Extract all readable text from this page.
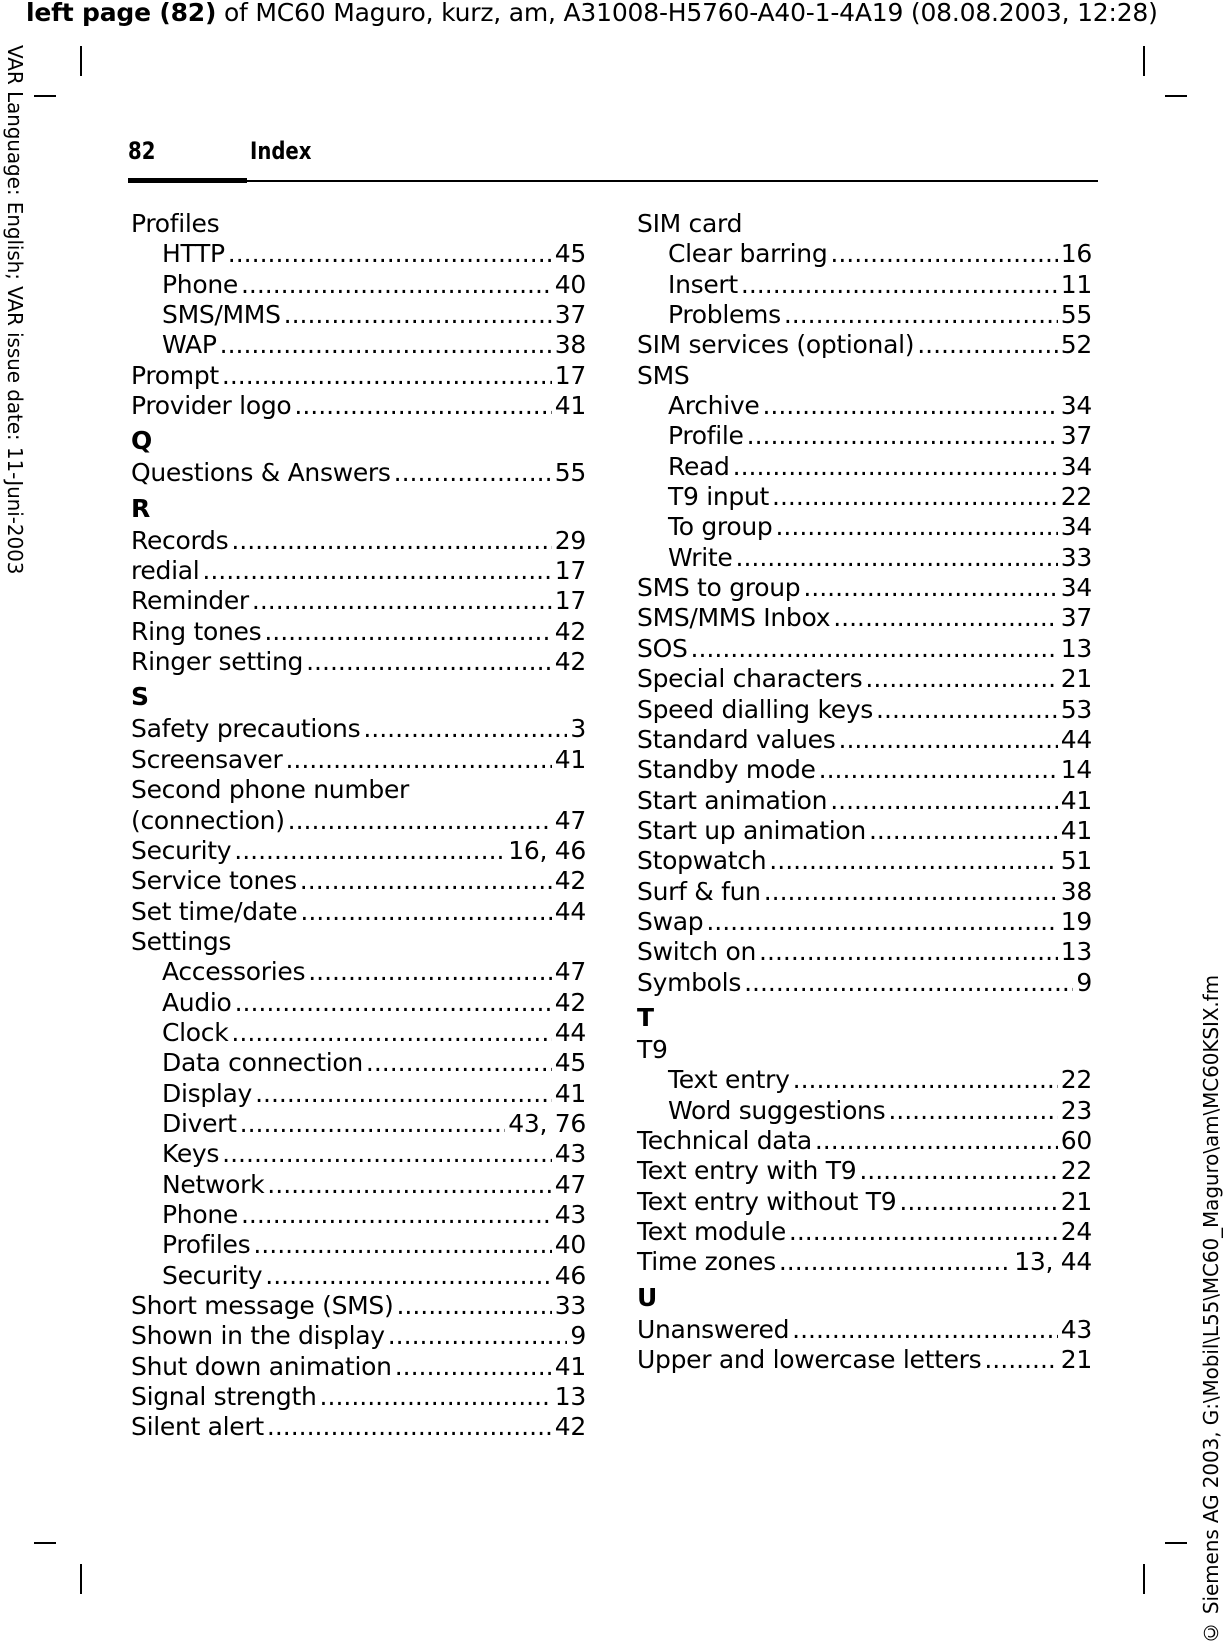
left page (82) of MC60 Maguro, kurz, am, A31008-H5760-A40-1-4A19 (08.08.2003, 12:28)
VAR Language: English; VAR issue date: 11-Juni-2003
© Siemens AG 2003, G:\Mobil\L55\MC60_Maguro\am\MC60KSIX.fm
82	Index
Profiles
HTTP .....	45
Phone .....	40
SMS/MMS .....	37
WAP .....	38
Prompt .....	17
Provider logo .....	41
Q
Questions & Answers .....	55
R
Records .....	29
redial .....	17
Reminder .....	17
Ring tones .....	42
Ringer setting .....	42
S
Safety precautions .....	3
Screensaver .....	41
Second phone number
(connection) .....	47
Security .....	16, 46
Service tones .....	42
Set time/date .....	44
Settings
Accessories .....	47
Audio .....	42
Clock .....	44
Data connection .....	45
Display .....	41
Divert .....	43, 76
Keys .....	43
Network .....	47
Phone .....	43
Profiles .....	40
Security .....	46
Short message (SMS) .....	33
Shown in the display .....	9
Shut down animation .....	41
Signal strength .....	13
Silent alert .....	42
SIM card
Clear barring .....	16
Insert .....	11
Problems .....	55
SIM services (optional) .....	52
SMS
Archive .....	34
Profile .....	37
Read .....	34
T9 input .....	22
To group .....	34
Write .....	33
SMS to group .....	34
SMS/MMS Inbox .....	37
SOS .....	13
Special characters .....	21
Speed dialling keys .....	53
Standard values .....	44
Standby mode .....	14
Start animation .....	41
Start up animation .....	41
Stopwatch .....	51
Surf & fun .....	38
Swap .....	19
Switch on .....	13
Symbols .....	9
T
T9
Text entry .....	22
Word suggestions .....	23
Technical data .....	60
Text entry with T9 .....	22
Text entry without T9 .....	21
Text module .....	24
Time zones .....	13, 44
U
Unanswered .....	43
Upper and lowercase letters .....	21
